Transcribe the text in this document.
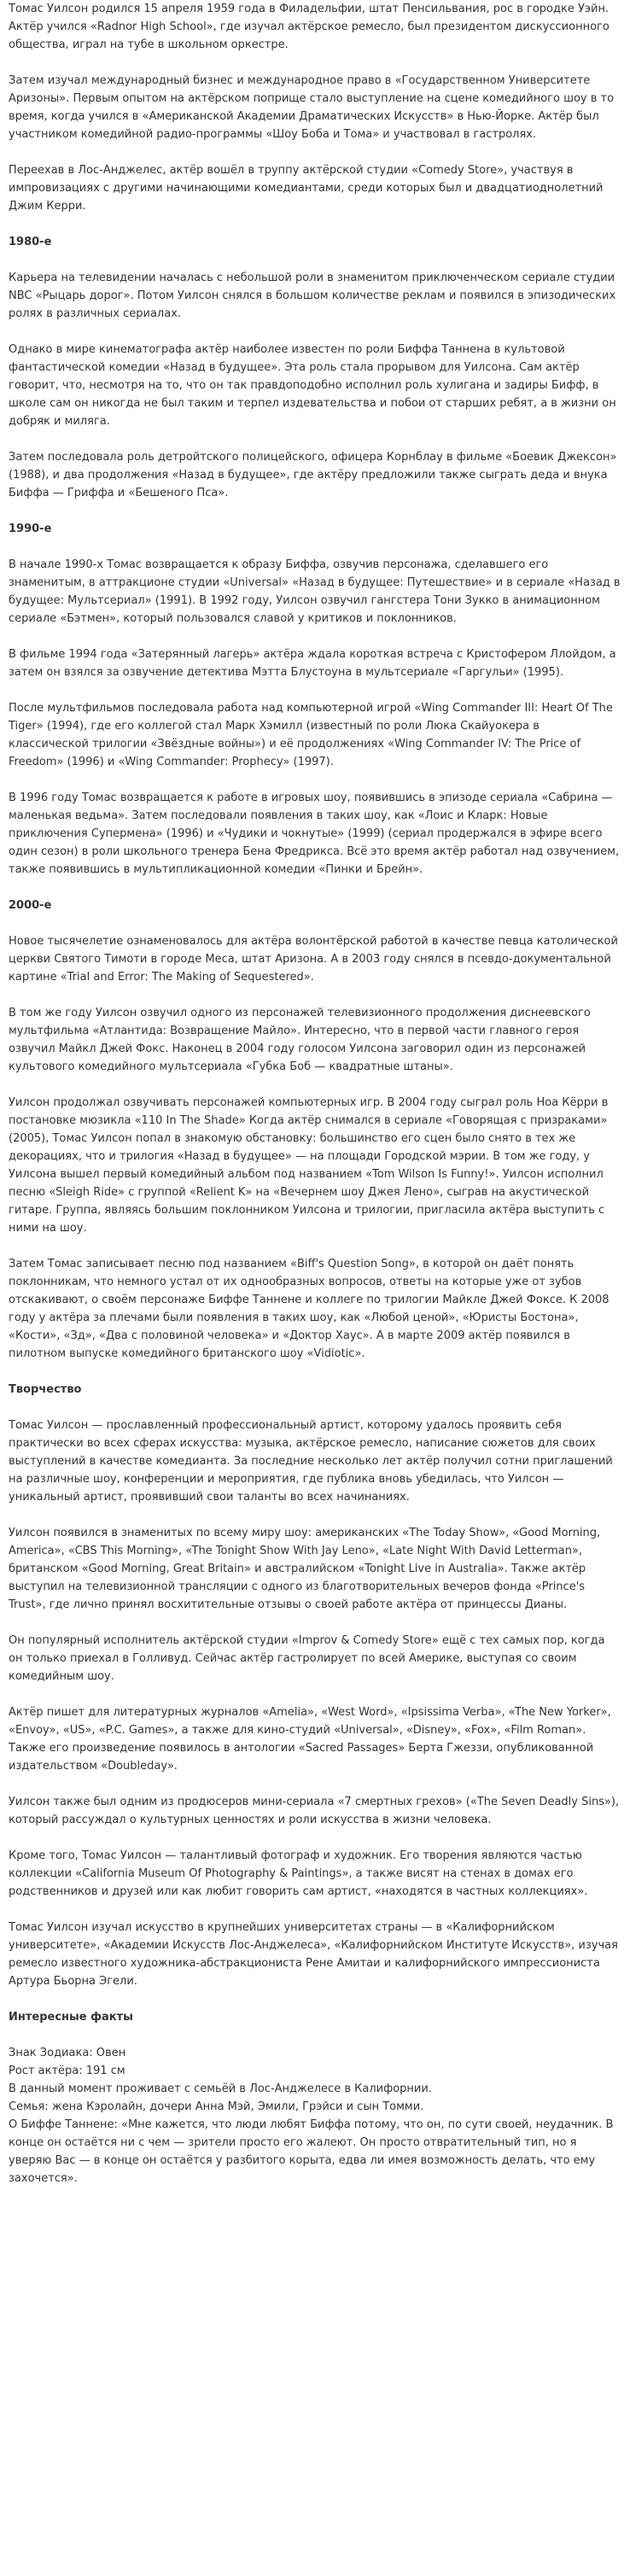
Томас Уилсон родился 15 апреля 1959 года в Филадельфии, штат Пенсильвания, рос в городке Уэйн. Актёр учился «Radnor High School», где изучал актёрское ремесло, был президентом дискуссионного общества, играл на тубе в школьном оркестре.

Затем изучал международный бизнес и международное право в «Государственном Университете Аризоны». Первым опытом на актёрском поприще стало выступление на сцене комедийного шоу в то время, когда учился в «Американской Академии Драматических Искусств» в Нью-Йорке. Актёр был участником комедийной радио-программы «Шоу Боба и Тома» и участвовал в гастролях.

Переехав в Лос-Анджелес, актёр вошёл в труппу актёрской студии «Comedy Store», участвуя в импровизациях с другими начинающими комедиантами, среди которых был и двадцатиоднолетний Джим Керри.

1980-е

Карьера на телевидении началась с небольшой роли в знаменитом приключенческом сериале студии NBC «Рыцарь дорог». Потом Уилсон снялся в большом количестве реклам и появился в эпизодических ролях в различных сериалах.

Однако в мире кинематографа актёр наиболее известен по роли Биффа Таннена в культовой фантастической комедии «Назад в будущее». Эта роль стала прорывом для Уилсона. Сам актёр говорит, что, несмотря на то, что он так правдоподобно исполнил роль хулигана и задиры Бифф, в школе сам он никогда не был таким и терпел издевательства и побои от старших ребят, а в жизни он добряк и миляга.

Затем последовала роль детройтского полицейского, офицера Корнблау в фильме «Боевик Джексон» (1988), и два продолжения «Назад в будущее», где актёру предложили также сыграть деда и внука Биффа — Гриффа и «Бешеного Пса».

1990-е

В начале 1990-х Томас возвращается к образу Биффа, озвучив персонажа, сделавшего его знаменитым, в аттракционе студии «Universal» «Назад в будущее: Путешествие» и в сериале «Назад в будущее: Мультсериал» (1991). В 1992 году, Уилсон озвучил гангстера Тони Зукко в анимационном сериале «Бэтмен», который пользовался славой у критиков и поклонников.

В фильме 1994 года «Затерянный лагерь» актёра ждала короткая встреча с Кристофером Ллойдом, а затем он взялся за озвучение детектива Мэтта Блустоуна в мультсериале «Гаргульи» (1995).

После мультфильмов последовала работа над компьютерной игрой «Wing Commander III: Heart Of The Tiger» (1994), где его коллегой стал Марк Хэмилл (известный по роли Люка Скайуокера в классической трилогии «Звёздные войны») и её продолжениях «Wing Commander IV: The Price of Freedom» (1996) и «Wing Commander: Prophecy» (1997).

В 1996 году Томас возвращается к работе в игровых шоу, появившись в эпизоде сериала «Сабрина — маленькая ведьма». Затем последовали появления в таких шоу, как «Лоис и Кларк: Новые приключения Супермена» (1996) и «Чудики и чокнутые» (1999) (сериал продержался в эфире всего один сезон) в роли школьного тренера Бена Фредрикса. Всё это время актёр работал над озвучением, также появившись в мультипликационной комедии «Пинки и Брейн».

2000-е

Новое тысячелетие ознаменовалось для актёра волонтёрской работой в качестве певца католической церкви Святого Тимоти в городе Меса, штат Аризона. А в 2003 году снялся в псевдо-документальной картине «Trial and Error: The Making of Sequestered».

В том же году Уилсон озвучил одного из персонажей телевизионного продолжения диснеевского мультфильма «Атлантида: Возвращение Майло». Интересно, что в первой части главного героя озвучил Майкл Джей Фокс. Наконец в 2004 году голосом Уилсона заговорил один из персонажей культового комедийного мультсериала «Губка Боб — квадратные штаны».

Уилсон продолжал озвучивать персонажей компьютерных игр. В 2004 году сыграл роль Ноа Кёрри в постановке мюзикла «110 In The Shade» Когда актёр снимался в сериале «Говорящая с призраками» (2005), Томас Уилсон попал в знакомую обстановку: большинство его сцен было снято в тех же декорациях, что и трилогия «Назад в будущее» — на площади Городской мэрии. В том же году, у Уилсона вышел первый комедийный альбом под названием «Tom Wilson Is Funny!». Уилсон исполнил песню «Sleigh Ride» с группой «Relient K» на «Вечернем шоу Джея Лено», сыграв на акустической гитаре. Группа, являясь большим поклонником Уилсона и трилогии, пригласила актёра выступить с ними на шоу.

Затем Томас записывает песню под названием «Biff's Question Song», в которой он даёт понять поклонникам, что немного устал от их однообразных вопросов, ответы на которые уже от зубов отскакивают, о своём персонаже Биффе Таннене и коллеге по трилогии Майкле Джей Фоксе. К 2008 году у актёра за плечами были появления в таких шоу, как «Любой ценой», «Юристы Бостона», «Кости», «Зд», «Два с половиной человека» и «Доктор Хаус». А в марте 2009 актёр появился в пилотном выпуске комедийного британского шоу «Vidiotic».

Творчество

Томас Уилсон — прославленный профессиональный артист, которому удалось проявить себя практически во всех сферах искусства: музыка, актёрское ремесло, написание сюжетов для своих выступлений в качестве комедианта. За последние несколько лет актёр получил сотни приглашений на различные шоу, конференции и мероприятия, где публика вновь убедилась, что Уилсон — уникальный артист, проявивший свои таланты во всех начинаниях.

Уилсон появился в знаменитых по всему миру шоу: американских «The Today Show», «Good Morning, America», «CBS This Morning», «The Tonight Show With Jay Leno», «Late Night With David Letterman», британском «Good Morning, Great Britain» и австралийском «Tonight Live in Australia». Также актёр выступил на телевизионной трансляции с одного из благотворительных вечеров фонда «Prince's Trust», где лично принял восхитительные отзывы о своей работе актёра от принцессы Дианы.

Он популярный исполнитель актёрской студии «Improv & Comedy Store» ещё с тех самых пор, когда он только приехал в Голливуд. Сейчас актёр гастролирует по всей Америке, выступая со своим комедийным шоу.

Актёр пишет для литературных журналов «Amelia», «West Word», «Ipsissima Verba», «The New Yorker», «Envoy», «US», «P.C. Games», а также для кино-студий «Universal», «Disney», «Fox», «Film Roman». Также его произведение появилось в антологии «Sacred Passages» Берта Гжеззи, опубликованной издательством «Doubleday».

Уилсон также был одним из продюсеров мини-сериала «7 смертных грехов» («The Seven Deadly Sins»), который рассуждал о культурных ценностях и роли искусства в жизни человека.

Кроме того, Томас Уилсон — талантливый фотограф и художник. Его творения являются частью коллекции «California Museum Of Photography & Paintings», а также висят на стенах в домах его родственников и друзей или как любит говорить сам артист, «находятся в частных коллекциях».

Томас Уилсон изучал искусство в крупнейших университетах страны — в «Калифорнийском университете», «Академии Искусств Лос-Анджелеса», «Калифорнийском Институте Искусств», изучая ремесло известного художника-абстракциониста Рене Амитаи и калифорнийского импрессиониста Артура Бьорна Эгели.

Интересные факты

Знак Зодиака: Овен
Рост актёра: 191 см
В данный момент проживает с семьёй в Лос-Анджелесе в Калифорнии.
Семья: жена Кэролайн, дочери Анна Мэй, Эмили, Грэйси и сын Томми.
О Биффе Таннене: «Мне кажется, что люди любят Биффа потому, что он, по сути своей, неудачник. В конце он остаётся ни с чем — зрители просто его жалеют. Он просто отвратительный тип, но я уверяю Вас — в конце он остаётся у разбитого корыта, едва ли имея возможность делать, что ему захочется».
